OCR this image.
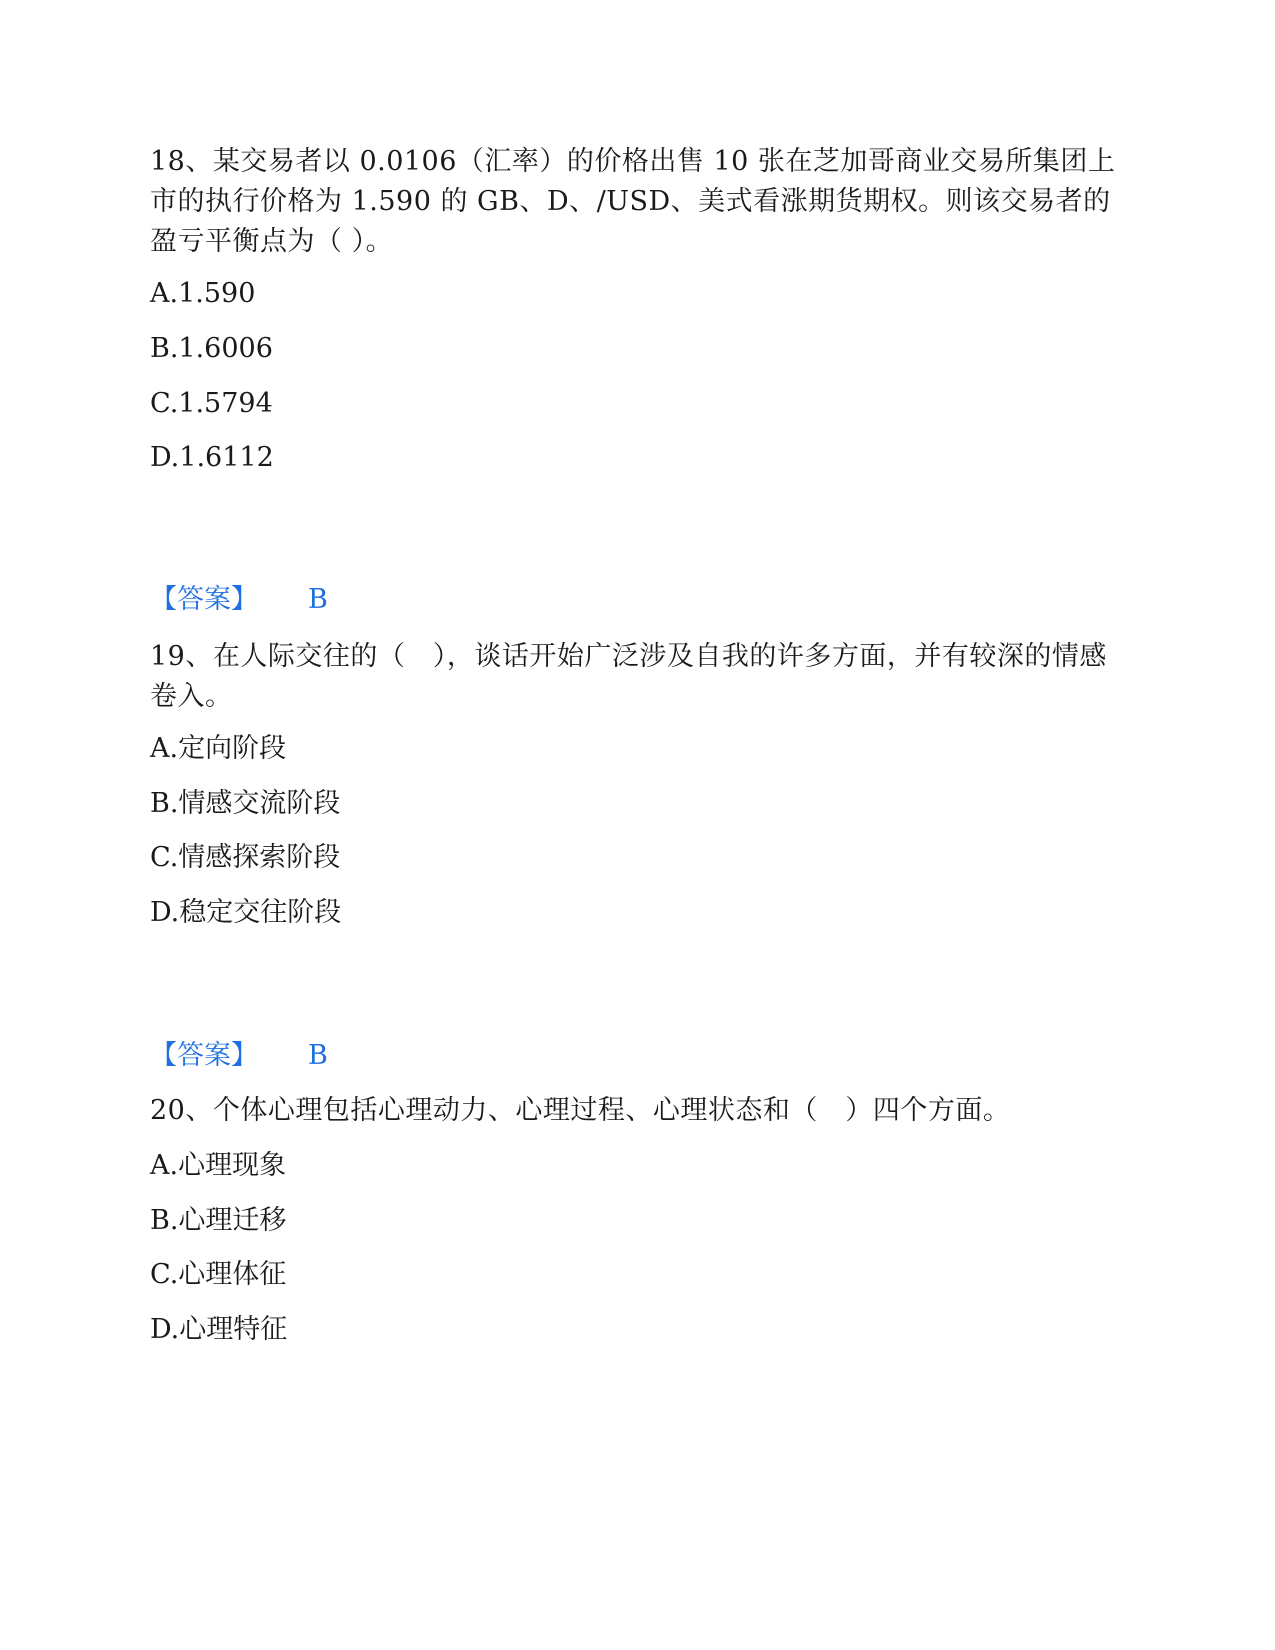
18、某交易者以 0.0106（汇率）的价格出售 10 张在芝加哥商业交易所集团上市的执行价格为 1.590 的 GB、D、/USD、美式看涨期货期权。则该交易者的盈亏平衡点为（ ）。

A.1.590

B.1.6006

C.1.5794

D.1.6112

【答案】 B

19、在人际交往的（　），谈话开始广泛涉及自我的许多方面，并有较深的情感卷入。

A.定向阶段

B.情感交流阶段

C.情感探索阶段

D.稳定交往阶段

【答案】 B

20、个体心理包括心理动力、心理过程、心理状态和（　）四个方面。

A.心理现象

B.心理迁移

C.心理体征

D.心理特征
